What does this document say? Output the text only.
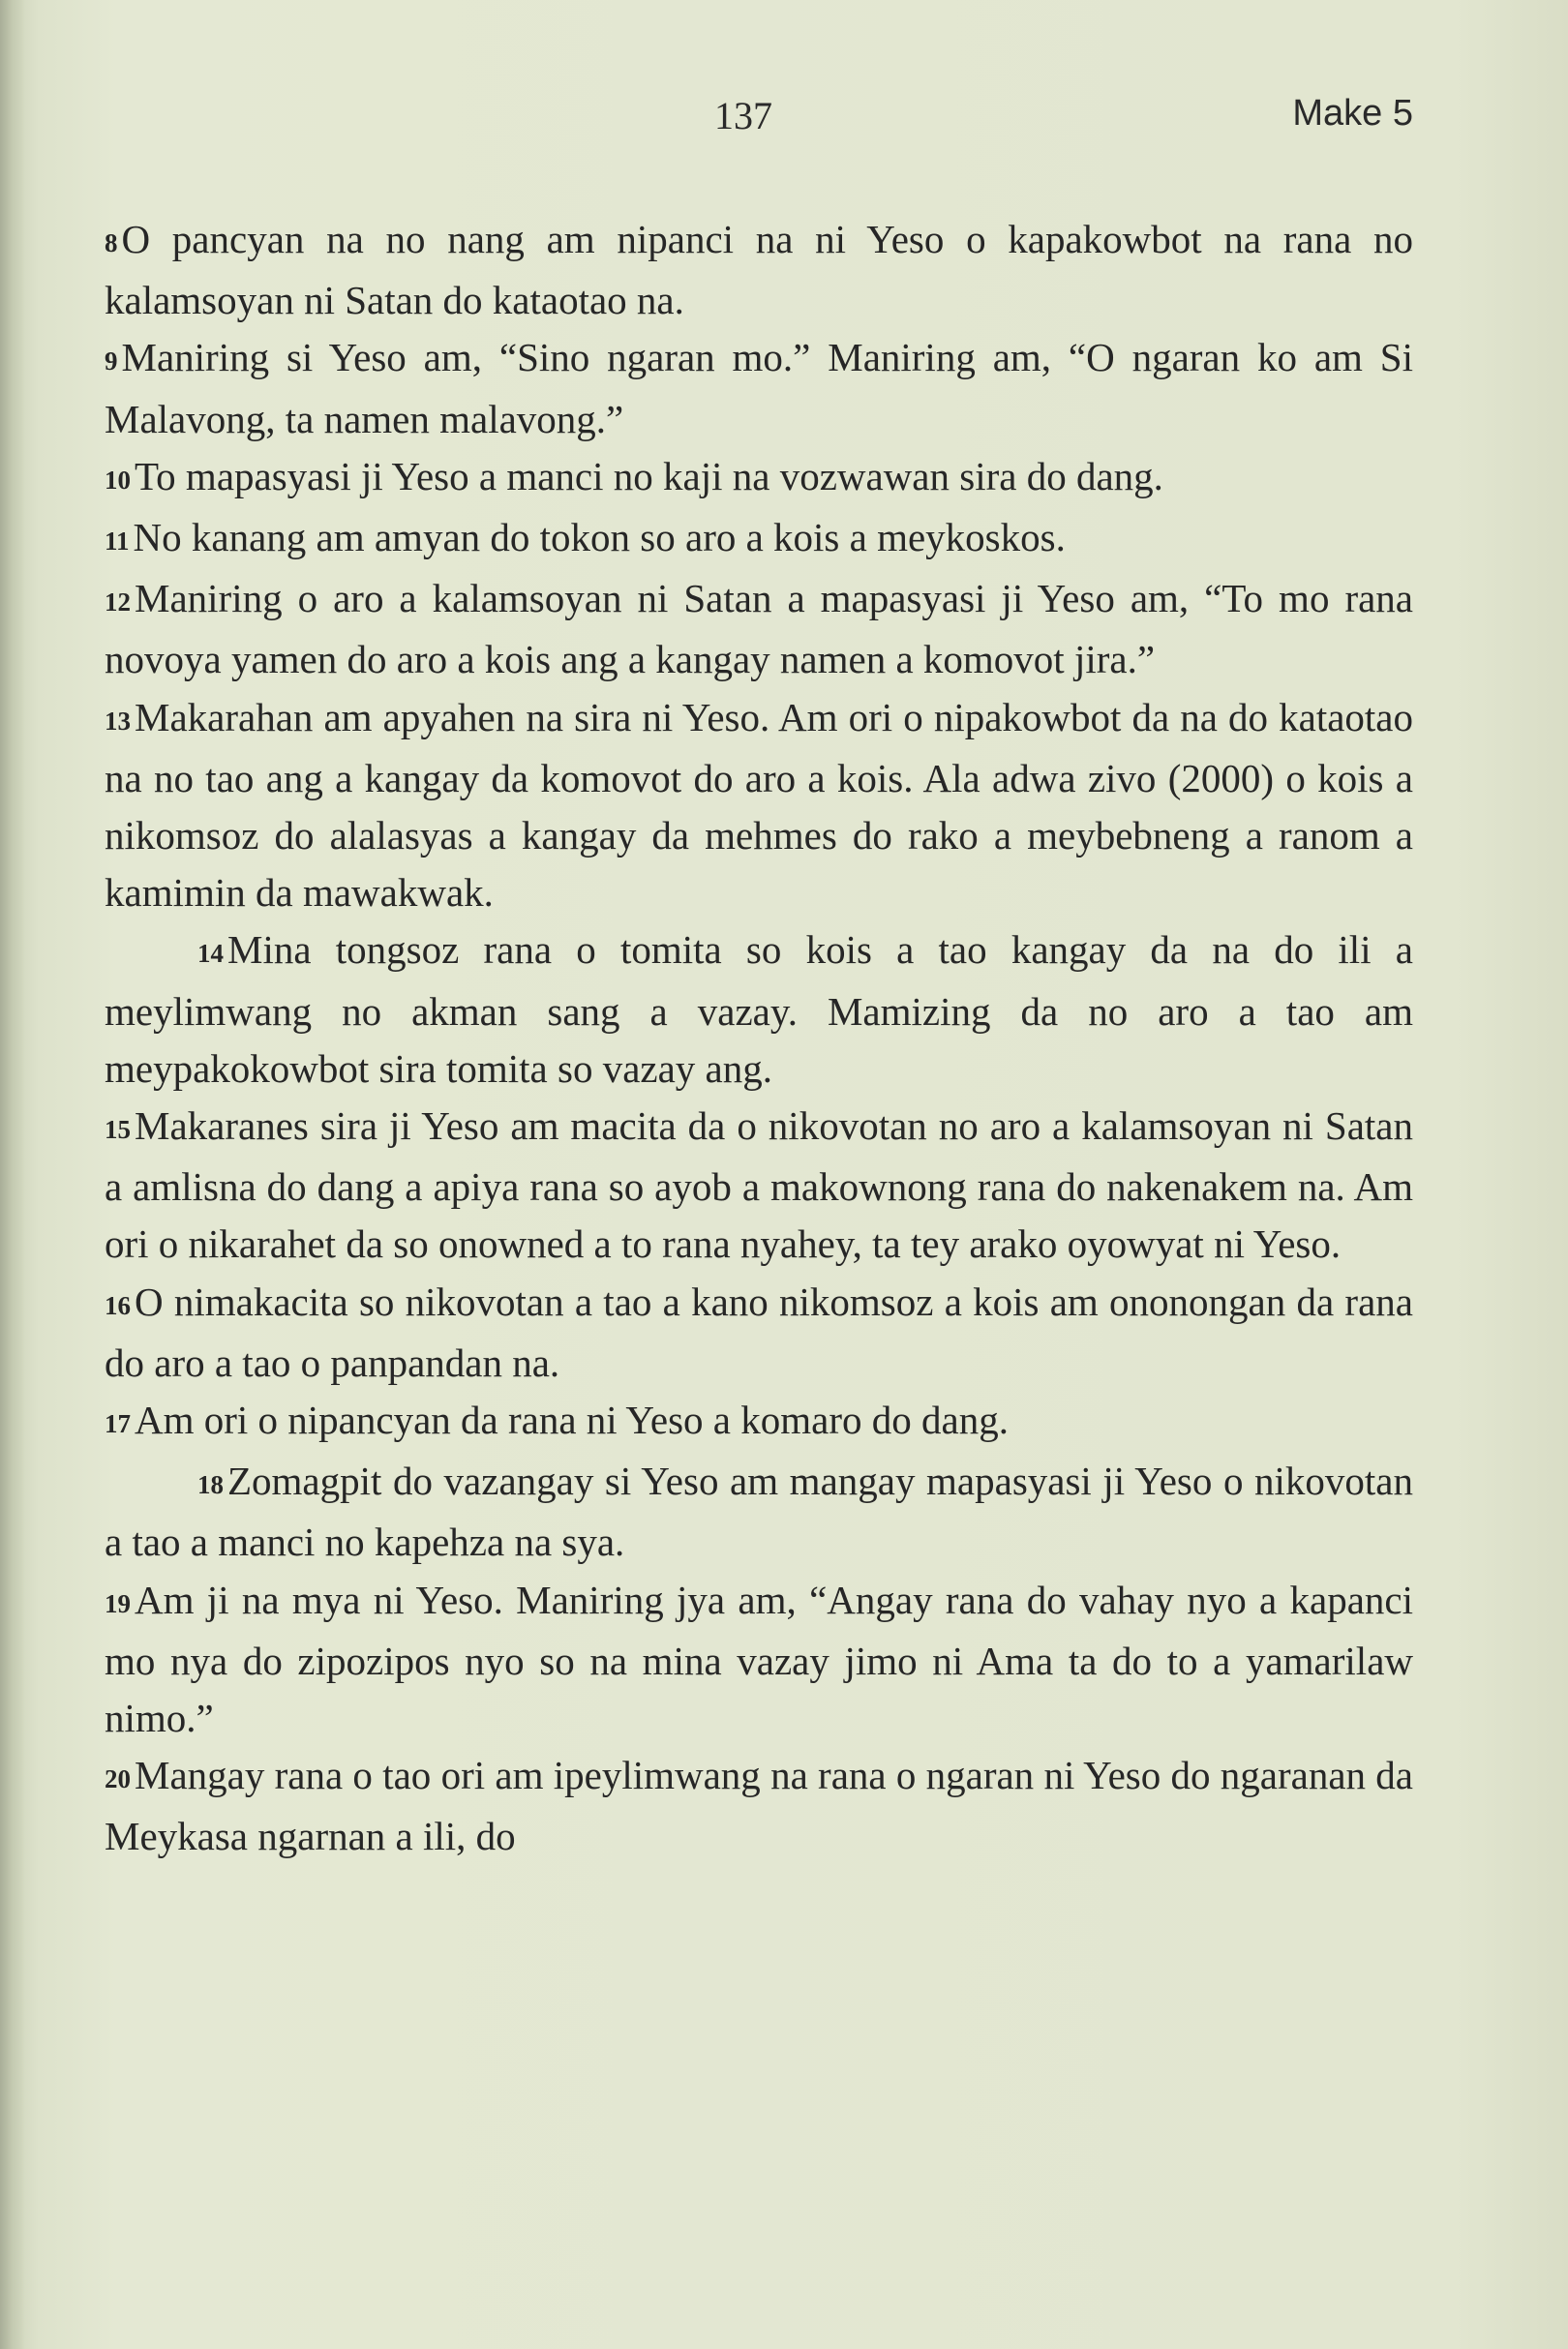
137	Make 5

8O pancyan na no nang am nipanci na ni Yeso o kapakowbot na rana no kalamsoyan ni Satan do kataotao na.

9Maniring si Yeso am, “Sino ngaran mo.” Maniring am, “O ngaran ko am Si Malavong, ta namen malavong.”

10To mapasyasi ji Yeso a manci no kaji na vozwawan sira do dang.

11No kanang am amyan do tokon so aro a kois a meykoskos.

12Maniring o aro a kalamsoyan ni Satan a mapasyasi ji Yeso am, “To mo rana novoya yamen do aro a kois ang a kangay namen a komovot jira.”

13Makarahan am apyahen na sira ni Yeso. Am ori o nipakowbot da na do kataotao na no tao ang a kangay da komovot do aro a kois. Ala adwa zivo (2000) o kois a nikomsoz do alalasyas a kangay da mehmes do rako a meybebneng a ranom a kamimin da mawakwak.

14Mina tongsoz rana o tomita so kois a tao kangay da na do ili a meylimwang no akman sang a vazay. Mamizing da no aro a tao am meypakokowbot sira tomita so vazay ang.

15Makaranes sira ji Yeso am macita da o nikovotan no aro a kalamsoyan ni Satan a amlisna do dang a apiya rana so ayob a makownong rana do nakenakem na. Am ori o nikarahet da so onowned a to rana nyahey, ta tey arako oyowyat ni Yeso.

16O nimakacita so nikovotan a tao a kano nikomsoz a kois am ononongan da rana do aro a tao o panpandan na.

17Am ori o nipancyan da rana ni Yeso a komaro do dang.

18Zomagpit do vazangay si Yeso am mangay mapasyasi ji Yeso o nikovotan a tao a manci no kapehza na sya.

19Am ji na mya ni Yeso. Maniring jya am, “Angay rana do vahay nyo a kapanci mo nya do zipozipos nyo so na mina vazay jimo ni Ama ta do to a yamarilaw nimo.”

20Mangay rana o tao ori am ipeylimwang na rana o ngaran ni Yeso do ngaranan da Meykasa ngarnan a ili, do
